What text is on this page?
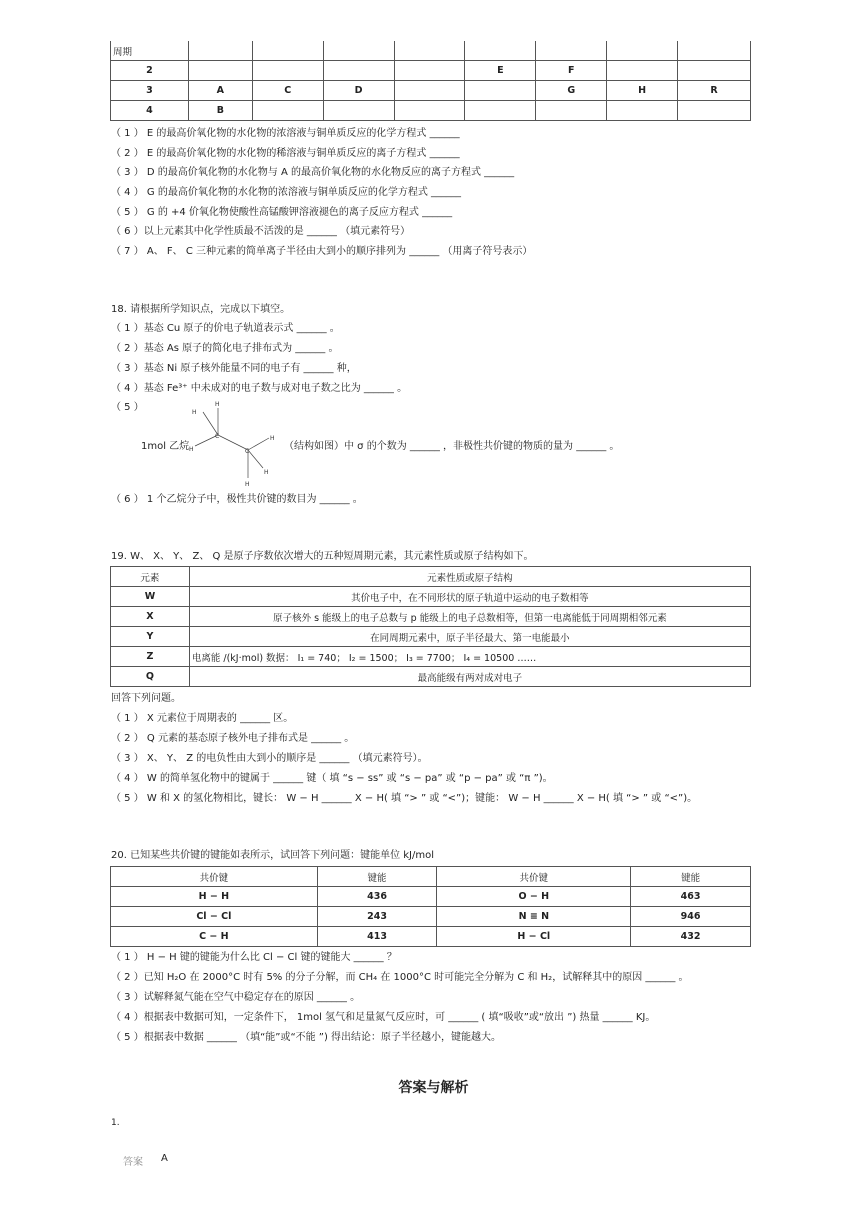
周期								
2					E	F		
3	A	C	D			G	H	R
4	B							
（ 1 ） E 的最高价氧化物的水化物的浓溶液与铜单质反应的化学方程式 ______
（ 2 ） E 的最高价氧化物的水化物的稀溶液与铜单质反应的离子方程式 ______
（ 3 ） D 的最高价氧化物的水化物与 A 的最高价氧化物的水化物反应的离子方程式 ______
（ 4 ） G 的最高价氧化物的水化物的浓溶液与铜单质反应的化学方程式 ______
（ 5 ） G 的 +4 价氧化物使酸性高锰酸钾溶液褪色的离子反应方程式 ______
（ 6 ）以上元素其中化学性质最不活泼的是 ______ （填元素符号）
（ 7 ） A、 F、 C 三种元素的简单离子半径由大到小的顺序排列为 ______ （用离子符号表示）
18. 请根据所学知识点，完成以下填空。
（ 1 ）基态 Cu 原子的价电子轨道表示式 ______ 。
（ 2 ）基态 As 原子的简化电子排布式为 ______ 。
（ 3 ）基态 Ni 原子核外能量不同的电子有 ______ 种，
（ 4 ）基态 Fe³⁺ 中未成对的电子数与成对电子数之比为 ______ 。
（ 5 ）
C
C
H
H
H
H
H
H
1mol 乙烷	（结构如图）中 σ 的个数为 ______ ，非极性共价键的物质的量为 ______ 。
（ 6 ） 1 个乙烷分子中，极性共价键的数目为 ______ 。
19. W、 X、 Y、 Z、 Q 是原子序数依次增大的五种短周期元素，其元素性质或原子结构如下。
元素	元素性质或原子结构
W	其价电子中，在不同形状的原子轨道中运动的电子数相等
X	原子核外 s 能级上的电子总数与 p 能级上的电子总数相等，但第一电离能低于同周期相邻元素
Y	在同周期元素中，原子半径最大、第一电能最小
Z	电离能 /(kJ·mol) 数据： I₁ = 740； I₂ = 1500； I₃ = 7700； I₄ = 10500 ……
Q	最高能级有两对成对电子
回答下列问题。
（ 1 ） X 元素位于周期表的 ______ 区。
（ 2 ） Q 元素的基态原子核外电子排布式是 ______ 。
（ 3 ） X、 Y、 Z 的电负性由大到小的顺序是 ______ （填元素符号）。
（ 4 ） W 的简单氢化物中的键属于 ______ 键（ 填 “s − ss” 或 “s − pa” 或 “p − pa” 或 “π ”)。
（ 5 ） W 和 X 的氢化物相比，键长： W − H ______ X − H( 填 “> ” 或 “<”)；键能： W − H ______ X − H( 填 “> ” 或 “<”)。
20. 已知某些共价键的键能如表所示，试回答下列问题：键能单位 kJ/mol
共价键	键能	共价键	键能
H − H	436	O − H	463
Cl − Cl	243	N ≡ N	946
C − H	413	H − Cl	432
（ 1 ） H − H 键的键能为什么比 Cl − Cl 键的键能大 ______ ？
（ 2 ）已知 H₂O 在 2000°C 时有 5% 的分子分解，而 CH₄ 在 1000°C 时可能完全分解为 C 和 H₂，试解释其中的原因 ______ 。
（ 3 ）试解释氮气能在空气中稳定存在的原因 ______ 。
（ 4 ）根据表中数据可知，一定条件下， 1mol 氢气和足量氮气反应时，可 ______ ( 填“吸收”或“放出 ”) 热量 ______ KJ。
（ 5 ）根据表中数据 ______ （填“能”或“不能 ”) 得出结论：原子半径越小，键能越大。
答案与解析
1.
答案 A
